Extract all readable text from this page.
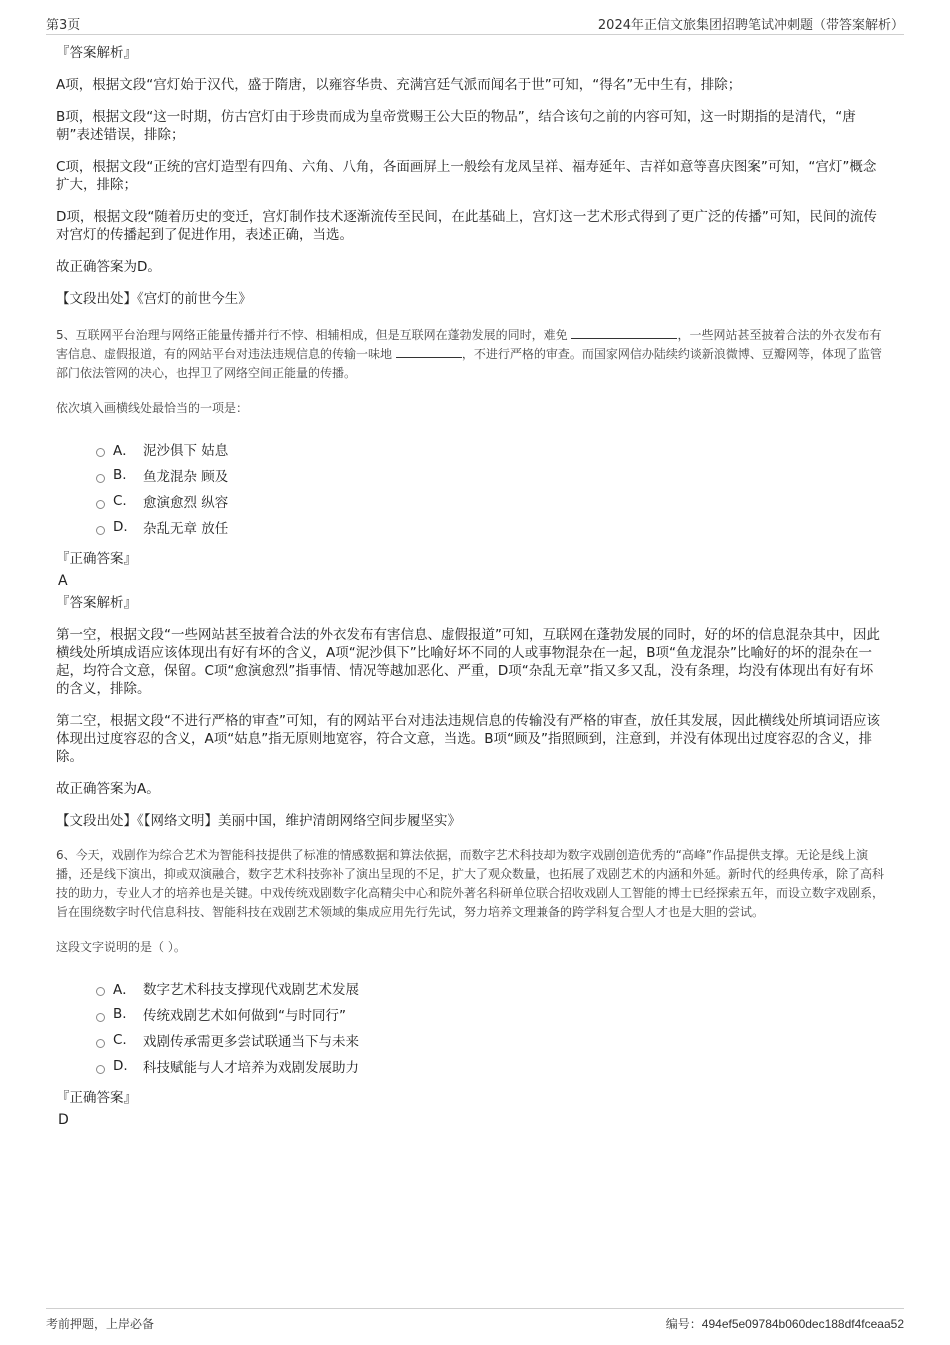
第3页	2024年正信文旅集团招聘笔试冲刺题（带答案解析）
『答案解析』

A项，根据文段“宫灯始于汉代，盛于隋唐，以雍容华贵、充满宫廷气派而闻名于世”可知，“得名”无中生有，排除；

B项，根据文段“这一时期，仿古宫灯由于珍贵而成为皇帝赏赐王公大臣的物品”，结合该句之前的内容可知，这一时期指的是清代，“唐朝”表述错误，排除；

C项，根据文段“正统的宫灯造型有四角、六角、八角，各面画屏上一般绘有龙凤呈祥、福寿延年、吉祥如意等喜庆图案”可知，“宫灯”概念扩大，排除；

D项，根据文段“随着历史的变迁，宫灯制作技术逐渐流传至民间，在此基础上，宫灯这一艺术形式得到了更广泛的传播”可知，民间的流传对宫灯的传播起到了促进作用，表述正确，当选。

故正确答案为D。

【文段出处】《宫灯的前世今生》

5、互联网平台治理与网络正能量传播并行不悖、相辅相成，但是互联网在蓬勃发展的同时，难免	，一些网站甚至披着合法的外衣发布有害信息、虚假报道，有的网站平台对违法违规信息的传输一味地	，不进行严格的审查。而国家网信办陆续约谈新浪微博、豆瓣网等，体现了监管部门依法管网的决心，也捍卫了网络空间正能量的传播。

依次填入画横线处最恰当的一项是：

A． 泥沙俱下 姑息
B.	鱼龙混杂 顾及
C.	愈演愈烈 纵容
D.	杂乱无章 放任
『正确答案』
A
『答案解析』

第一空，根据文段“一些网站甚至披着合法的外衣发布有害信息、虚假报道”可知，互联网在蓬勃发展的同时，好的坏的信息混杂其中，因此横线处所填成语应该体现出有好有坏的含义，A项“泥沙俱下”比喻好坏不同的人或事物混杂在一起，B项“鱼龙混杂”比喻好的坏的混杂在一起，均符合文意，保留。C项“愈演愈烈”指事情、情况等越加恶化、严重，D项“杂乱无章”指又多又乱，没有条理，均没有体现出有好有坏的含义，排除。

第二空，根据文段“不进行严格的审查”可知，有的网站平台对违法违规信息的传输没有严格的审查，放任其发展，因此横线处所填词语应该体现出过度容忍的含义，A项“姑息”指无原则地宽容，符合文意，当选。B项“顾及”指照顾到，注意到，并没有体现出过度容忍的含义，排除。

故正确答案为A。

【文段出处】《【网络文明】美丽中国，维护清朗网络空间步履坚实》

6、今天，戏剧作为综合艺术为智能科技提供了标准的情感数据和算法依据，而数字艺术科技却为数字戏剧创造优秀的“高峰”作品提供支撑。无论是线上演播，还是线下演出，抑或双演融合，数字艺术科技弥补了演出呈现的不足，扩大了观众数量，也拓展了戏剧艺术的内涵和外延。新时代的经典传承，除了高科技的助力，专业人才的培养也是关键。中戏传统戏剧数字化高精尖中心和院外著名科研单位联合招收戏剧人工智能的博士已经探索五年，而设立数字戏剧系，旨在围绕数字时代信息科技、智能科技在戏剧艺术领域的集成应用先行先试，努力培养文理兼备的跨学科复合型人才也是大胆的尝试。

这段文字说明的是（ ）。

A． 数字艺术科技支撑现代戏剧艺术发展
B.	传统戏剧艺术如何做到“与时同行”
C.	戏剧传承需更多尝试联通当下与未来
D.	科技赋能与人才培养为戏剧发展助力
『正确答案』
D
考前押题，上岸必备	编号：494ef5e09784b060dec188df4fceaa52
